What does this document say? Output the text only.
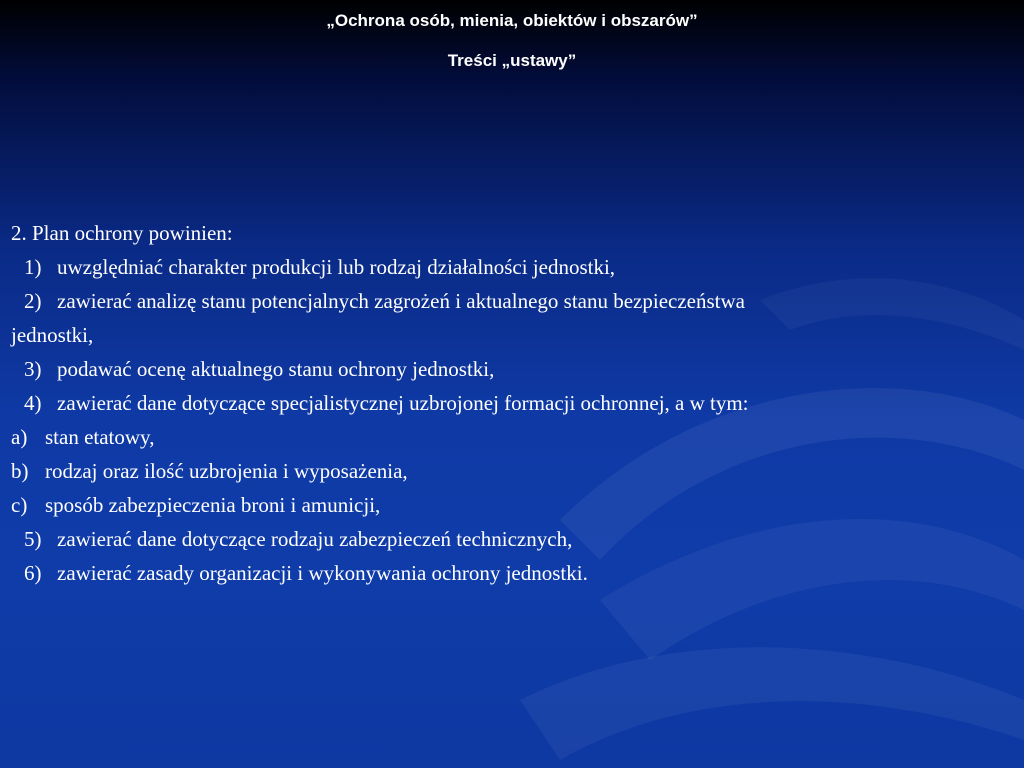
„Ochrona osób, mienia, obiektów i obszarów”
Treści „ustawy”
2. Plan ochrony powinien:
1) uwzględniać charakter produkcji lub rodzaj działalności jednostki,
2) zawierać analizę stanu potencjalnych zagrożeń i aktualnego stanu bezpieczeństwa
jednostki,
3) podawać ocenę aktualnego stanu ochrony jednostki,
4) zawierać dane dotyczące specjalistycznej uzbrojonej formacji ochronnej, a w tym:
a) stan etatowy,
b) rodzaj oraz ilość uzbrojenia i wyposażenia,
c) sposób zabezpieczenia broni i amunicji,
5) zawierać dane dotyczące rodzaju zabezpieczeń technicznych,
6) zawierać zasady organizacji i wykonywania ochrony jednostki.
